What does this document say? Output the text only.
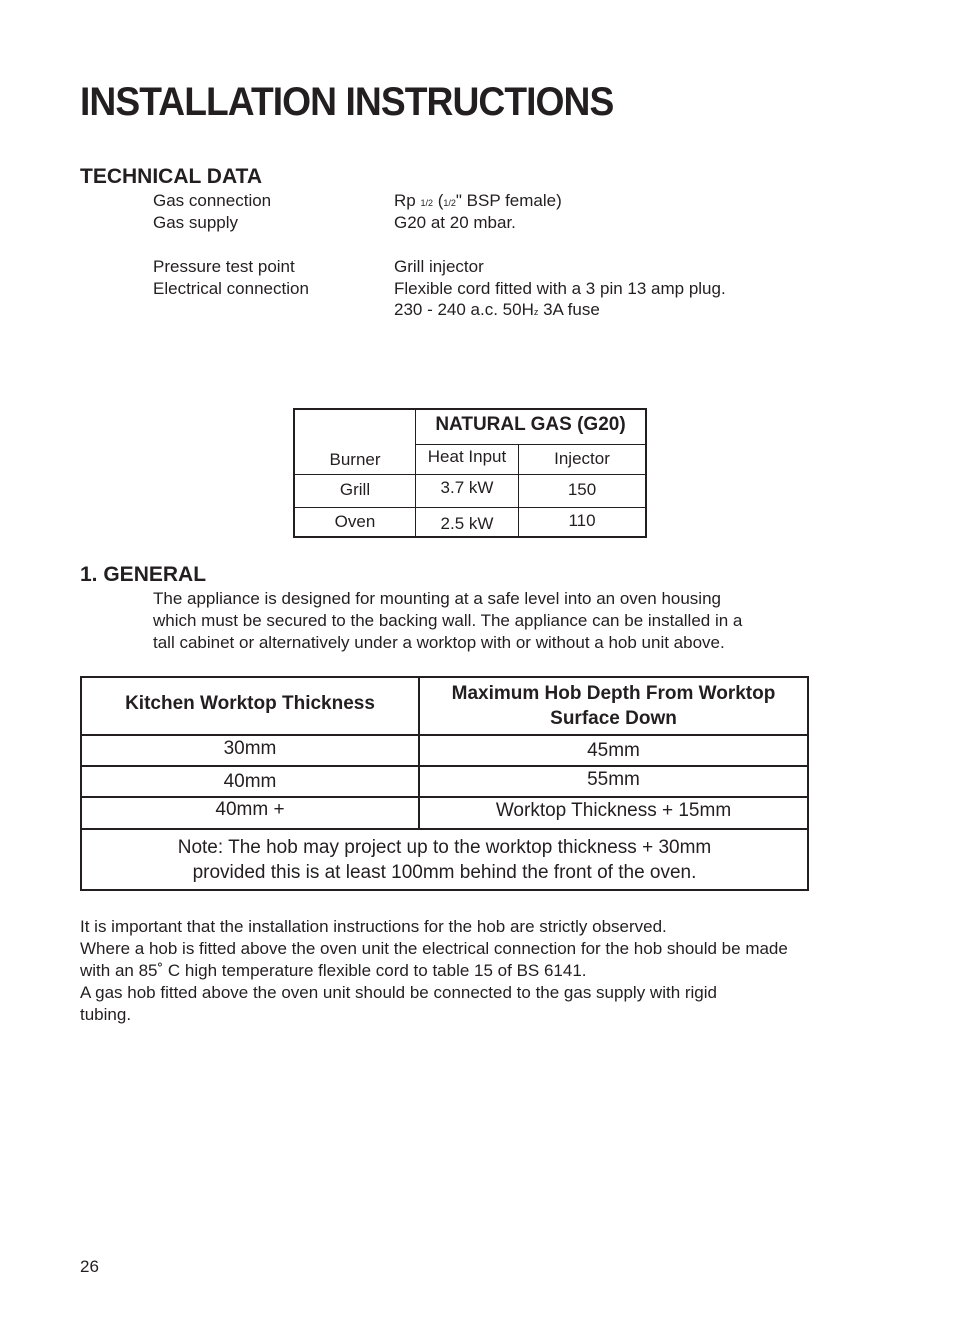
INSTALLATION INSTRUCTIONS
TECHNICAL DATA
Gas connection	Rp 1/2 (1/2" BSP female)
Gas supply	G20 at 20 mbar.
Pressure test point	Grill injector
Electrical connection	Flexible cord fitted with a 3 pin 13 amp plug.
230 - 240 a.c. 50Hz 3A fuse
NATURAL GAS (G20)
Burner	Heat Input	Injector
Grill	3.7 kW	150
Oven	2.5 kW	110
1. GENERAL
The appliance is designed for mounting at a safe level into an oven housing
which must be secured to the backing wall. The appliance can be installed in a
tall cabinet or alternatively under a worktop with or without a hob unit above.
Kitchen Worktop Thickness	Maximum Hob Depth From Worktop
Surface Down
30mm	45mm
40mm	55mm
40mm +	Worktop Thickness + 15mm
Note: The hob may project up to the worktop thickness + 30mm
provided this is at least 100mm behind the front of the oven.

It is important that the installation instructions for the hob are strictly observed.

Where a hob is fitted above the oven unit the electrical connection for the hob should be made

with an 85˚ C high temperature flexible cord to table 15 of BS 6141.

A gas hob fitted above the oven unit should be connected to the gas supply with rigid

tubing.

26
